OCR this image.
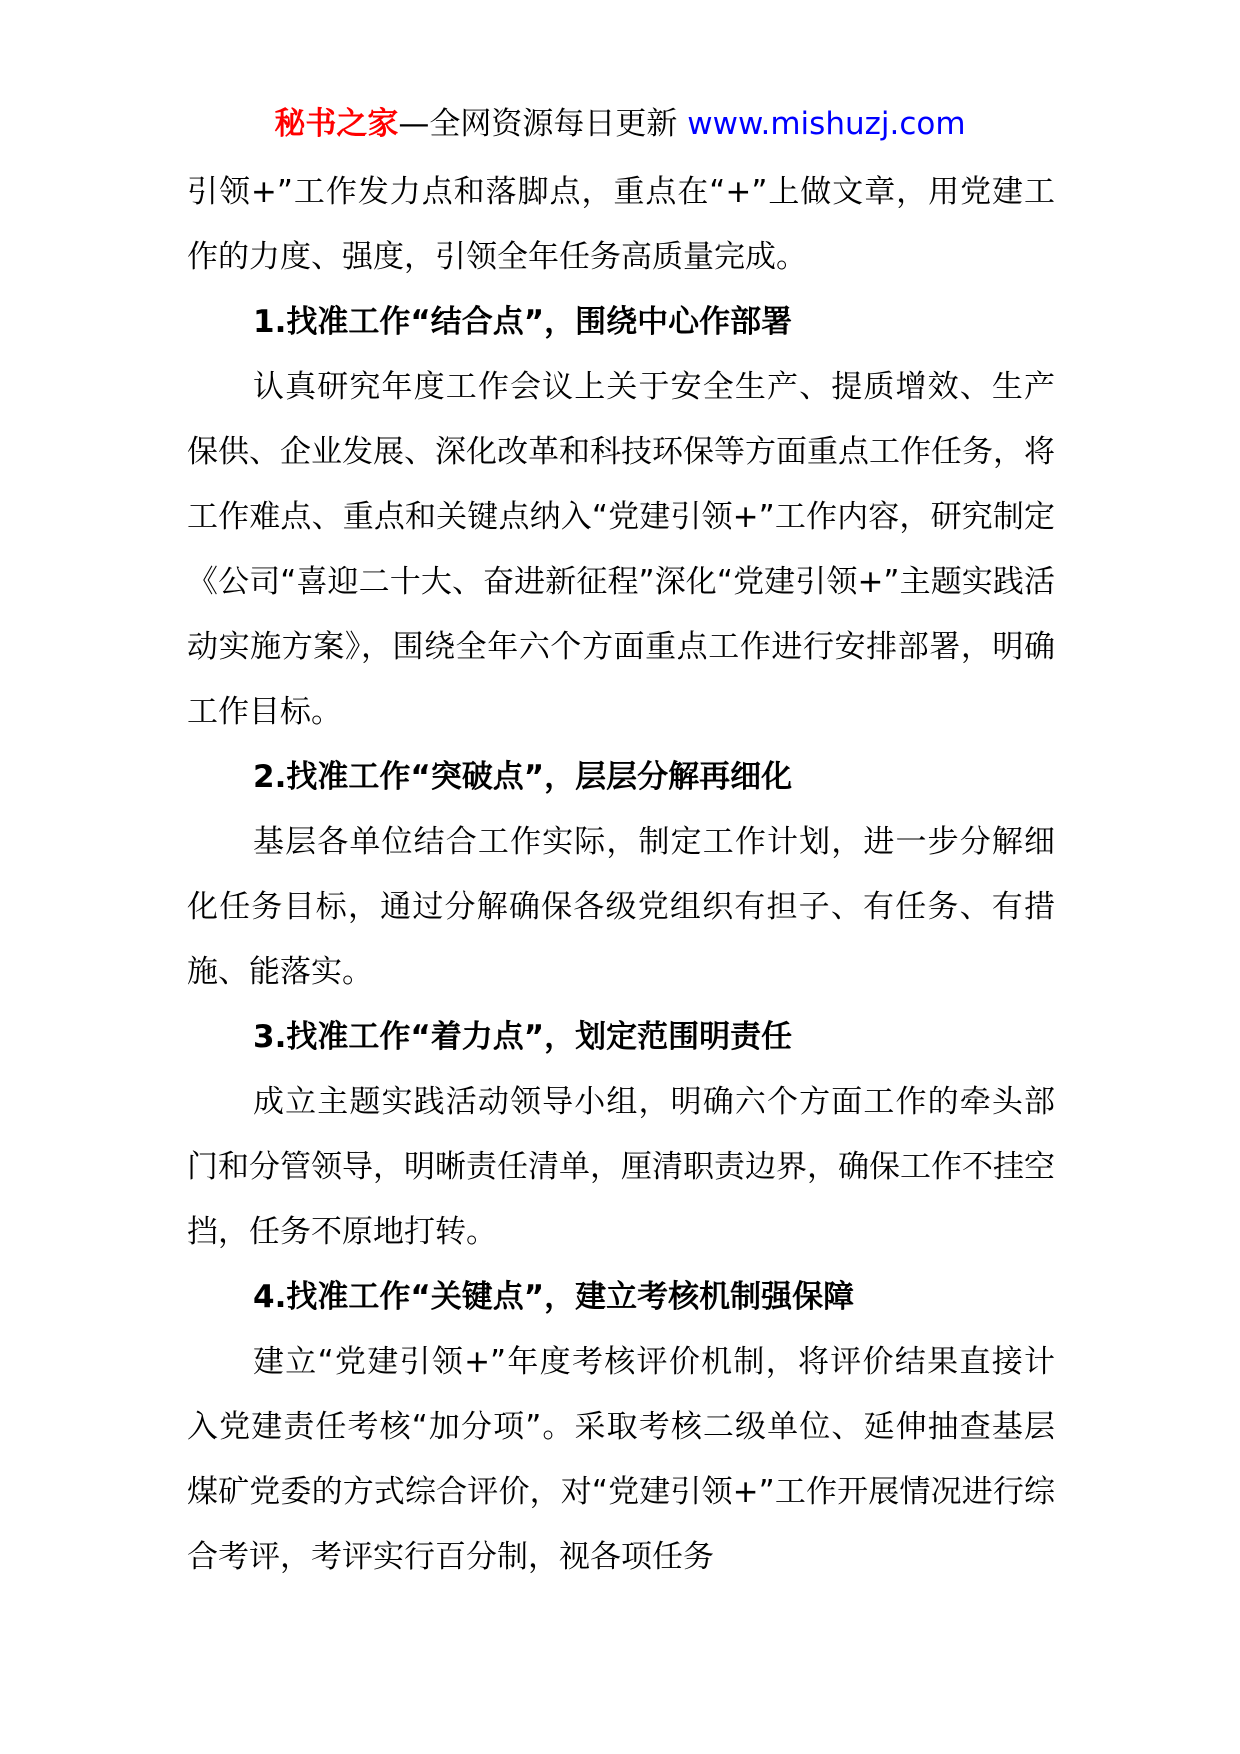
秘书之家—全网资源每日更新 www.mishuzj.com

引领+”工作发力点和落脚点，重点在“+”上做文章，用党建工作的力度、强度，引领全年任务高质量完成。

1.找准工作“结合点”，围绕中心作部署

认真研究年度工作会议上关于安全生产、提质增效、生产保供、企业发展、深化改革和科技环保等方面重点工作任务，将工作难点、重点和关键点纳入“党建引领+”工作内容，研究制定《公司“喜迎二十大、奋进新征程”深化“党建引领+”主题实践活动实施方案》，围绕全年六个方面重点工作进行安排部署，明确工作目标。

2.找准工作“突破点”，层层分解再细化

基层各单位结合工作实际，制定工作计划，进一步分解细化任务目标，通过分解确保各级党组织有担子、有任务、有措施、能落实。

3.找准工作“着力点”，划定范围明责任

成立主题实践活动领导小组，明确六个方面工作的牵头部门和分管领导，明晰责任清单，厘清职责边界，确保工作不挂空挡，任务不原地打转。

4.找准工作“关键点”，建立考核机制强保障

建立“党建引领+”年度考核评价机制，将评价结果直接计入党建责任考核“加分项”。采取考核二级单位、延伸抽查基层煤矿党委的方式综合评价，对“党建引领+”工作开展情况进行综合考评，考评实行百分制，视各项任务
